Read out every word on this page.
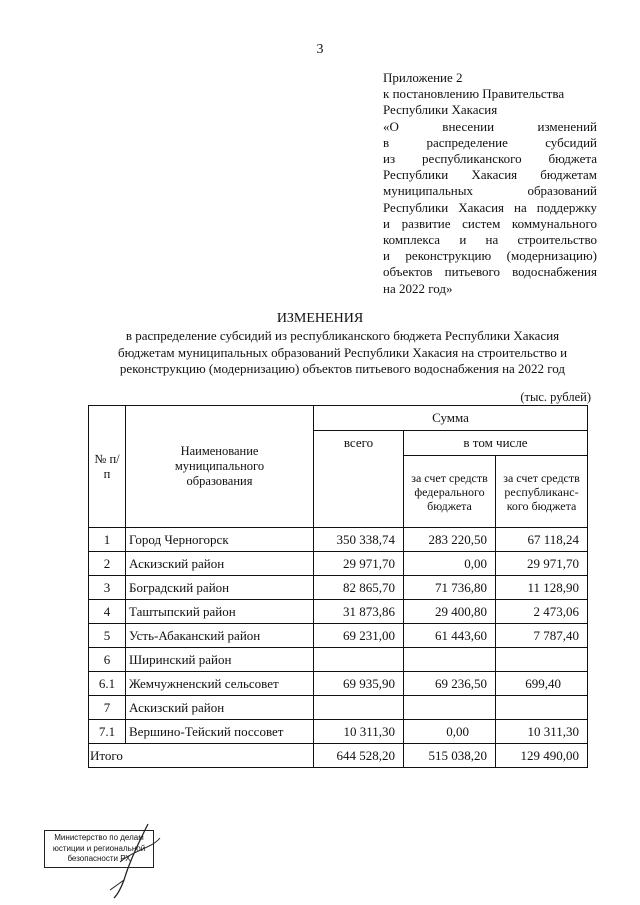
3
Приложение 2
к постановлению Правительства
Республики Хакасия
«О внесении изменений
в распределение субсидий
из республиканского бюджета
Республики Хакасия бюджетам
муниципальных образований
Республики Хакасия на поддержку
и развитие систем коммунального
комплекса и на строительство
и реконструкцию (модернизацию)
объектов питьевого водоснабжения
на 2022 год»
ИЗМЕНЕНИЯ
в распределение субсидий из республиканского бюджета Республики Хакасия
бюджетам муниципальных образований Республики Хакасия на строительство и
реконструкцию (модернизацию) объектов питьевого водоснабжения на 2022 год
(тыс. рублей)
№ п/п	Наименование муниципального образования	Сумма		
		всего	в том числе	
			за счет средств федерального бюджета	за счет средств республиканс-кого бюджета
1	Город Черногорск	350 338,74	283 220,50	67 118,24
2	Аскизский район	29 971,70	0,00	29 971,70
3	Боградский район	82 865,70	71 736,80	11 128,90
4	Таштыпский район	31 873,86	29 400,80	2 473,06
5	Усть-Абаканский район	69 231,00	61 443,60	7 787,40
6	Ширинский район			
6.1	Жемчужненский сельсовет	69 935,90	69 236,50	699,40
7	Аскизский район			
7.1	Вершино-Тейский поссовет	10 311,30	0,00	10 311,30
Итого		644 528,20	515 038,20	129 490,00
Министерство по делам
юстиции и региональной
безопасности РХ
